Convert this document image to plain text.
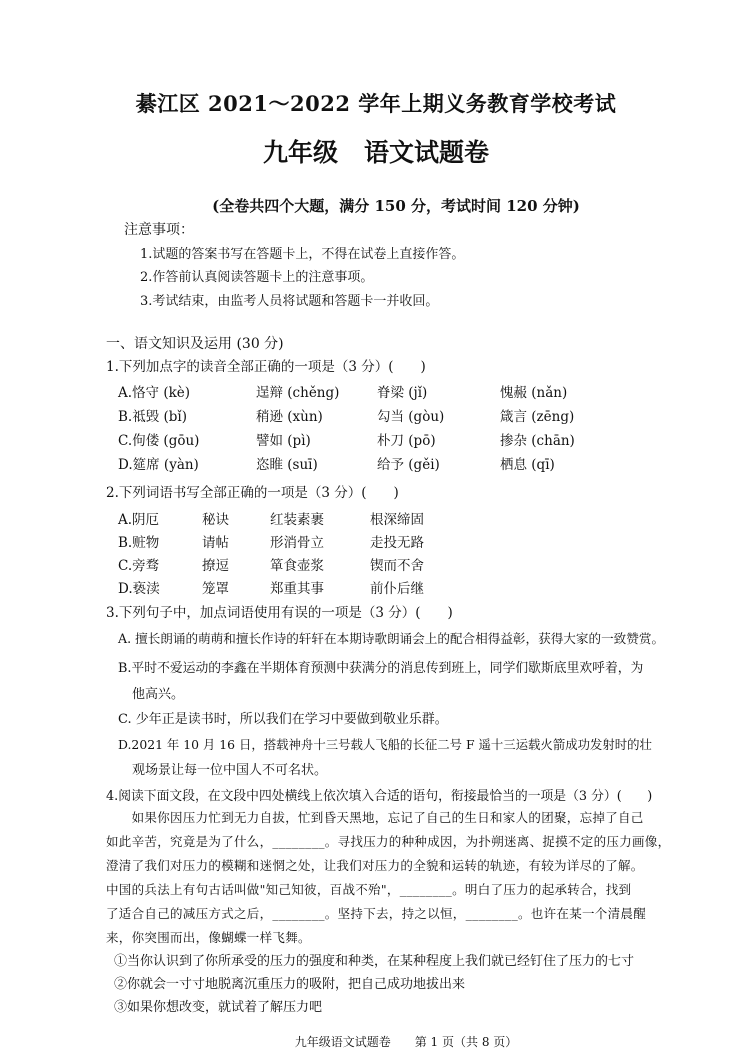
綦江区 2021～2022 学年上期义务教育学校考试
九年级 语文试题卷
(全卷共四个大题，满分 150 分，考试时间 120 分钟)
注意事项：
1.试题的答案书写在答题卡上，不得在试卷上直接作答。
2.作答前认真阅读答题卡上的注意事项。
3.考试结束，由监考人员将试题和答题卡一并收回。
一、语文知识及运用 (30 分)
1.下列加点字的读音全部正确的一项是（3 分）(　　)
A.恪守 (kè)	逞辩 (chěng)	脊梁 (jǐ)	愧赧 (nǎn)
B.祗毁 (bǐ)	稍逊 (xùn)	勾当 (gòu)	箴言 (zēng)
C.佝偻 (gōu)	譬如 (pì)	朴刀 (pō)	掺杂 (chān)
D.筵席 (yàn)	恣睢 (suī)	给予 (gěi)	栖息 (qī)
2.下列词语书写全部正确的一项是（3 分）(　　)
A.阴厄	秘诀	红装素裹	根深缔固
B.赃物	请帖	形消骨立	走投无路
C.旁骛	撩逗	箪食壶浆	锲而不舍
D.亵渎	笼罩	郑重其事	前仆后继
3.下列句子中，加点词语使用有误的一项是（3 分）(　　)
A. 擅长朗诵的萌萌和擅长作诗的轩轩在本期诗歌朗诵会上的配合相得益彰，获得大家的一致赞赏。
B.平时不爱运动的李鑫在半期体育预测中获满分的消息传到班上，同学们歇斯底里欢呼着，为
他高兴。
C. 少年正是读书时，所以我们在学习中要做到敬业乐群。
D.2021 年 10 月 16 日，搭载神舟十三号载人飞船的长征二号 F 遥十三运载火箭成功发射时的壮
观场景让每一位中国人不可名状。
4.阅读下面文段，在文段中四处横线上依次填入合适的语句，衔接最恰当的一项是（3 分）(　　)
　　如果你因压力忙到无力自拔，忙到昏天黑地，忘记了自己的生日和家人的团聚，忘掉了自己
如此辛苦，究竟是为了什么，________。寻找压力的种种成因，为扑朔迷离、捉摸不定的压力画像，
澄清了我们对压力的模糊和迷惘之处，让我们对压力的全貌和运转的轨迹，有较为详尽的了解。
中国的兵法上有句古话叫做"知己知彼，百战不殆"，________。明白了压力的起承转合，找到
了适合自己的减压方式之后，________。坚持下去，持之以恒，________。也许在某一个清晨醒
来，你突围而出，像蝴蝶一样飞舞。
①当你认识到了你所承受的压力的强度和种类，在某种程度上我们就已经钉住了压力的七寸
②你就会一寸寸地脱离沉重压力的吸附，把自己成功地拔出来
③如果你想改变，就试着了解压力吧
九年级语文试题卷 第 1 页（共 8 页）
